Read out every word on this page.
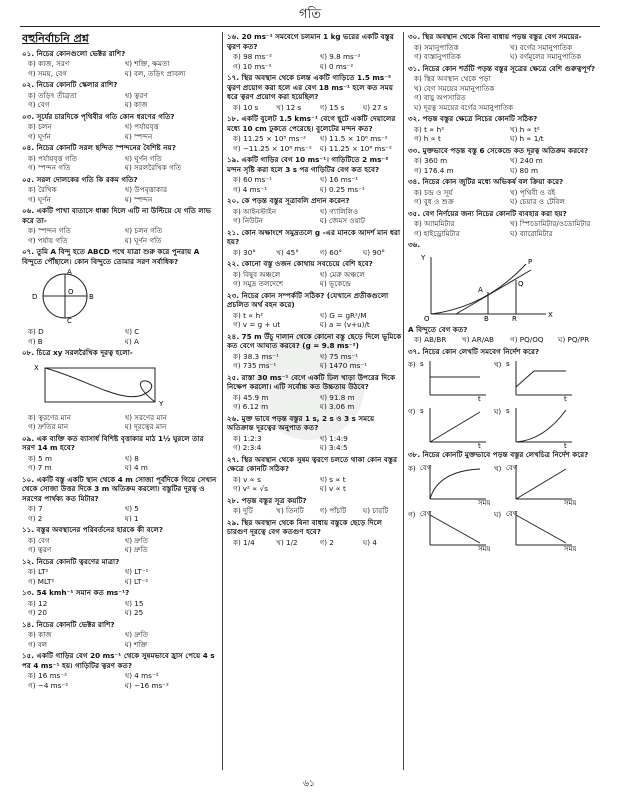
গতি
বহুনির্বাচনি প্রশ্ন
০১. নিচের কোনগুলো ভেক্টর রাশি?
ক) কাজ, সরণ	খ) শক্তি, ক্ষমতা
গ) সময়, বেগ	ঘ) বল, তড়িৎ প্রাবল্য
০২. নিচের কোনটি স্কেলার রাশি?
ক) তড়িৎ তীব্রতা	খ) ত্বরণ
গ) বেগ	ঘ) কাজ
০৩. সূর্যের চারদিকে পৃথিবীর গতি কোন ধরণের গতি?
ক) চলন	খ) পর্যায়বৃত্ত
গ) ঘূর্ণন	ঘ) স্পন্দন
০৪. নিচের কোনটি সরল ছন্দিত স্পন্দনের বৈশিষ্ট নয়?
ক) পর্যায়বৃত্ত গতি	খ) ঘূর্ণন গতি
গ) স্পন্দন গতি	ঘ) সরলরৈখিক গতি
০৫. সরল দোলকের গতি কি রকম গতি?
ক) রৈখিক	খ) উপবৃত্তাকার
গ) ঘূর্ণন	ঘ) স্পন্দন
০৬. একটি পাখা বাতাসে ধাক্কা দিলে এটি না উল্টিয়ে যে গতি লাভ করে তা-
ক) স্পন্দন গতি	খ) চলন গতি
গ) পর্যায় গতি	ঘ) ঘূর্ণন গতি
০৭. তুমি A বিন্দু হতে ABCD পথে যাত্রা শুরু করে পুনরায় A বিন্দুতে পৌঁছালে। কোন বিন্দুতে তোমার সরণ সর্বাধিক?
A
B
C
D
O
ক) D	খ) C
গ) B	ঘ) A
০৮. চিত্রে xy সরলরৈখিক দূরত্ব হলো-
X
Y
ক) ত্বরণের মান	খ) সরণের মান
গ) দ্রুতির মান	ঘ) দূরত্বের মান
০৯. এক ব্যক্তি কত ব্যাসার্ধ বিশিষ্ট বৃত্তাকার মাঠ 1½ ঘুরলে তার সরণ 14 m হবে?
ক) 5 m	খ) 8
গ) 7 m	ঘ) 4 m
১০. একটি বস্তু একটি স্থান থেকে 4 m সোজা পূর্বদিকে গিয়ে সেখান থেকে সোজা উত্তর দিকে 3 m অতিক্রম করলো। বস্তুটির দূরত্ব ও সরণের পার্থক্য কত মিটার?
ক) 7	খ) 5
গ) 2	ঘ) 1
১১. বস্তুর অবস্থানের পরিবর্তনের হারকে কী বলে?
ক) বেগ	খ) দ্রুতি
গ) ত্বরণ	ঘ) দ্রুতি
১২. নিচের কোনটি ত্বরণের মাত্রা?
ক) LT²	খ) LT⁻¹
গ) MLT²	ঘ) LT⁻²
১৩. 54 kmh⁻¹ সমান কত ms⁻¹?
ক) 12	খ) 15
গ) 20	ঘ) 25
১৪. নিচের কোনটি ভেক্টর রাশি?
ক) কাজ	খ) দ্রুতি
গ) বল	ঘ) শক্তি
১৫. একটি গাড়ির বেগ 20 ms⁻¹ থেকে সুষমভাবে হ্রাস পেয়ে 4 s পর 4 ms⁻¹ হয়। গাড়িটির ত্বরণ কত?
ক) 16 ms⁻²	খ) 4 ms⁻²
গ) −4 ms⁻²	ঘ) −16 ms⁻²
১৬. 20 ms⁻¹ সমবেগে চলমান 1 kg ভরের একটি বস্তুর ত্বরণ কত?
ক) 98 ms⁻²	খ) 9.8 ms⁻²
গ) 10 ms⁻²	ঘ) 0 ms⁻²
১৭. স্থির অবস্থান থেকে চলন্ত একটি গাড়িতে 1.5 ms⁻² ত্বরণ প্রয়োগ করা হলে এর বেগ 18 ms⁻¹ হলে কত সময় ধরে ত্বরণ প্রয়োগ করা হয়েছিল?
ক) 10 s	খ) 12 s	গ) 15 s	ঘ) 27 s
১৮. একটি বুলেট 1.5 kms⁻¹ বেগে ছুটে একটি দেয়ালের মধ্যে 10 cm ঢুকতে পেরেছে। বুলেটের মন্দন কত?
ক) 11.25 × 10⁵ ms⁻²	খ) 11.5 × 10⁶ ms⁻²
গ) −11.25 × 10⁶ ms⁻²	ঘ) 11.25 × 10⁶ ms⁻²
১৯. একটি গাড়ির বেগ 10 ms⁻¹। গাড়িটিতে 2 ms⁻² মন্দন সৃষ্টি করা হলে 3 s পর গাড়িটির বেগ কত হবে?
ক) 60 ms⁻¹	খ) 16 ms⁻¹
গ) 4 ms⁻¹	ঘ) 0.25 ms⁻¹
২০. কে পড়ন্ত বস্তুর সূত্রাবলি প্রদান করেন?
ক) আইনস্টাইন	খ) গ্যালিলিও
গ) নিউটন	ঘ) জেমস ওয়াট
২১. কোন অক্ষাংশে সমুদ্রতলে g -এর মানকে আদর্শ মান ধরা হয়?
ক) 30°	খ) 45°	গ) 60°	ঘ) 90°
২২. কোনো বস্তু ওজন কোথায় সবচেয়ে বেশি হবে?
ক) বিষুব অঞ্চলে	খ) মেরু অঞ্চলে
গ) সমুদ্র তলদেশে	ঘ) ভূকেন্দ্রে
২৩. নিচের কোন সম্পর্কটি সঠিক? (যেখানে প্রতীকগুলো প্রচলিত অর্থ বহন করে)
ক) t ∝ h²	খ) G = gR²/M
গ) v = g + ut	ঘ) a = (v+u)/t
২৪. 75 m উঁচু দালান থেকে কোনো বস্তু ছেড়ে দিলে ভূমিকে কত বেগে আঘাত করবে? (g = 9.8 ms⁻²)
ক) 38.3 ms⁻¹	খ) 75 ms⁻¹
গ) 735 ms⁻¹	ঘ) 1470 ms⁻¹
২৫. রাস্তা 30 ms⁻¹ বেগে একটি ঢিল খাড়া উপরের দিকে নিক্ষেপ করলো। এটি সর্বোচ্চ কত উচ্চতায় উঠবে?
ক) 45.9 m	খ) 91.8 m
গ) 6.12 m	ঘ) 3.06 m
২৬. মুক্ত ভাবে পড়ন্ত বস্তুর 1 s, 2 s ও 3 s সময়ে অতিক্রান্ত দূরত্বের অনুপাত কত?
ক) 1:2:3	খ) 1:4:9
গ) 2:3:4	ঘ) 3:4:5
২৭. স্থির অবস্থান থেকে সুষম ত্বরণে চলতে থাকা কোন বস্তুর ক্ষেত্রে কোনটি সঠিক?
ক) v ∝ s	খ) s ∝ t
গ) v² ∝ √s	ঘ) v ∝ t
২৮. পড়ন্ত বস্তুর সূত্র কয়টি?
ক) দুটি	খ) তিনটি	গ) পাঁচটি	ঘ) চারটি
২৯. স্থির অবস্থান থেকে বিনা বাধায় বস্তুকে ছেড়ে দিলে চারগুণ দূরত্বে বেগ কতগুণ হবে?
ক) 1/4	খ) 1/2	গ) 2	ঘ) 4
৩০. স্থির অবস্থান থেকে বিনা বাধায় পড়ন্ত বস্তুর বেগ সময়ের-
ক) সমানুপাতিক	খ) বর্গের সমানুপাতিক
গ) ব্যস্তানুপাতিক	ঘ) বর্গমূলের সমানুপাতিক
৩১. নিচের কোন শর্তটি পড়ন্ত বস্তুর সূত্রের ক্ষেত্রে বেশি গুরুত্বপূর্ণ?
ক) স্থির অবস্থান থেকে পড়া
খ) বেগ সময়ের সমানুপাতিক
গ) বায়ু অপসারিত
ঘ) দূরত্ব সময়ের বর্গের সমানুপাতিক
৩২. পড়ন্ত বস্তুর ক্ষেত্রে নিচের কোনটি সঠিক?
ক) t ∝ h²	খ) h ∝ t²
গ) h ∝ t	ঘ) h ∝ 1/t
৩৩. মুক্তভাবে পড়ন্ত বস্তু 6 সেকেন্ডে কত দূরত্ব অতিক্রম করবে?
ক) 360 m	খ) 240 m
গ) 176.4 m	ঘ) 80 m
৩৪. নিচের কোন জুটির মধ্যে অভিকর্ষ বল ক্রিয়া করে?
ক) চন্দ্র ও সূর্য	খ) পৃথিবী ও বই
গ) বুধ ও শুক্র	ঘ) চেয়ার ও টেবিল
৩৫. বেগ নির্ণয়ের জন্য নিচের কোনটি ব্যবহার করা হয়?
ক) অ্যামমিটার	খ) স্পিডোমিটার/ওডোমিটার
গ) হাইড্রোমিটার	ঘ) ব্যারোমিটার
৩৬.
Y	P
A
Q
O	B	R	X
A বিন্দুতে বেগ কত?
ক) AB/BR	খ) AR/AB	গ) PQ/OQ	ঘ) PQ/PR
৩৭. নিচের কোন লেখটি সমবেগ নির্দেশ করে?
ক) s
t
খ) s
t
গ) s
t
ঘ) s
t
৩৮. নিচের কোনটি মুক্তভাবে পড়ন্ত বস্তুর লেখচিত্র নির্দেশ করে?
ক) বেগ
সময়
খ) বেগ
সময়
গ) বেগ
সময়
ঘ) বেগ
সময়
৬১
